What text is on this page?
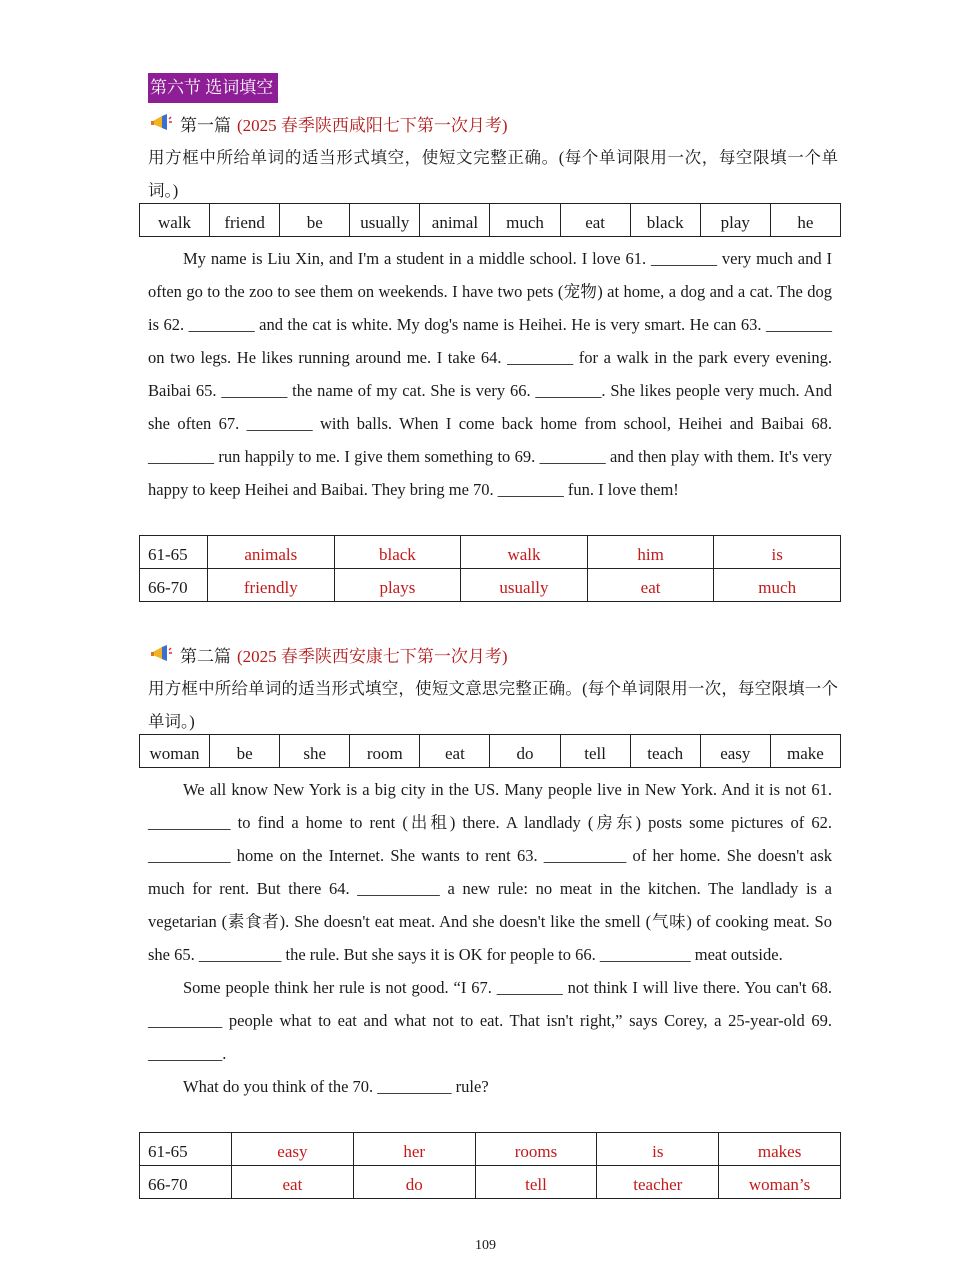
第六节 选词填空
第一篇 (2025 春季陕西咸阳七下第一次月考)
用方框中所给单词的适当形式填空，使短文完整正确。(每个单词限用一次，每空限填一个单词。)
walk	friend	be	usually	animal	much	eat	black	play	he

My name is Liu Xin, and I'm a student in a middle school. I love 61. ________ very much and I often go to the zoo to see them on weekends. I have two pets (宠物) at home, a dog and a cat. The dog is 62. ________ and the cat is white. My dog's name is Heihei. He is very smart. He can 63. ________ on two legs. He likes running around me. I take 64. ________ for a walk in the park every evening. Baibai 65. ________ the name of my cat. She is very 66. ________. She likes people very much. And she often 67. ________ with balls. When I come back home from school, Heihei and Baibai 68. ________ run happily to me. I give them something to 69. ________ and then play with them. It's very happy to keep Heihei and Baibai. They bring me 70. ________ fun. I love them!

61-65	animals	black	walk	him	is
66-70	friendly	plays	usually	eat	much
第二篇 (2025 春季陕西安康七下第一次月考)
用方框中所给单词的适当形式填空，使短文意思完整正确。(每个单词限用一次，每空限填一个单词。)
woman	be	she	room	eat	do	tell	teach	easy	make

We all know New York is a big city in the US. Many people live in New York. And it is not 61. __________ to find a home to rent (出租) there. A landlady (房东) posts some pictures of 62. __________ home on the Internet. She wants to rent 63. __________ of her home. She doesn't ask much for rent. But there 64. __________ a new rule: no meat in the kitchen. The landlady is a vegetarian (素食者). She doesn't eat meat. And she doesn't like the smell (气味) of cooking meat. So she 65. __________ the rule. But she says it is OK for people to 66. ___________ meat outside.

Some people think her rule is not good. “I 67. ________ not think I will live there. You can't 68. _________ people what to eat and what not to eat. That isn't right,” says Corey, a 25-year-old 69. _________.

What do you think of the 70. _________ rule?

61-65	easy	her	rooms	is	makes
66-70	eat	do	tell	teacher	woman’s
109
